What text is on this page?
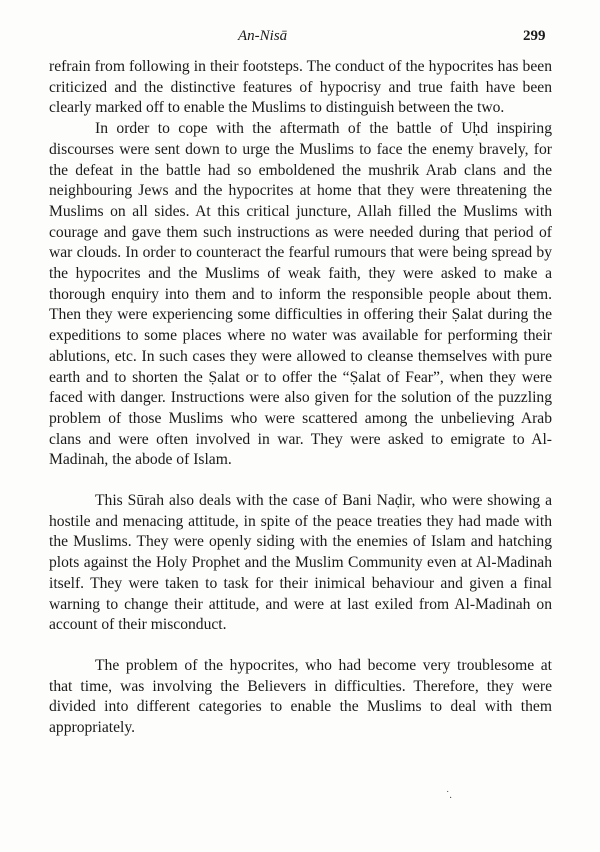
An-Nisā	299

refrain from following in their footsteps. The conduct of the hypocrites has been criticized and the distinctive features of hypocrisy and true faith have been clearly marked off to enable the Muslims to distinguish between the two.

In order to cope with the aftermath of the battle of Uḥd inspiring discourses were sent down to urge the Muslims to face the enemy bravely, for the defeat in the battle had so emboldened the mushrik Arab clans and the neighbouring Jews and the hypocrites at home that they were threatening the Muslims on all sides. At this critical juncture, Allah filled the Muslims with courage and gave them such instructions as were needed during that period of war clouds. In order to counteract the fearful rumours that were being spread by the hypocrites and the Muslims of weak faith, they were asked to make a thorough enquiry into them and to inform the responsible people about them. Then they were experiencing some difficulties in offering their Ṣalat during the expeditions to some places where no water was available for performing their ablutions, etc. In such cases they were allowed to cleanse themselves with pure earth and to shorten the Ṣalat or to offer the “Ṣalat of Fear”, when they were faced with danger. Instructions were also given for the solution of the puzzling problem of those Muslims who were scattered among the unbelieving Arab clans and were often involved in war. They were asked to emigrate to Al-Madinah, the abode of Islam.

This Sūrah also deals with the case of Bani Naḍir, who were showing a hostile and menacing attitude, in spite of the peace treaties they had made with the Muslims. They were openly siding with the enemies of Islam and hatching plots against the Holy Prophet and the Muslim Community even at Al-Madinah itself. They were taken to task for their inimical behaviour and given a final warning to change their attitude, and were at last exiled from Al-Madinah on account of their misconduct.

The problem of the hypocrites, who had become very troublesome at that time, was involving the Believers in difficulties. Therefore, they were divided into different categories to enable the Muslims to deal with them appropriately.

˙.
